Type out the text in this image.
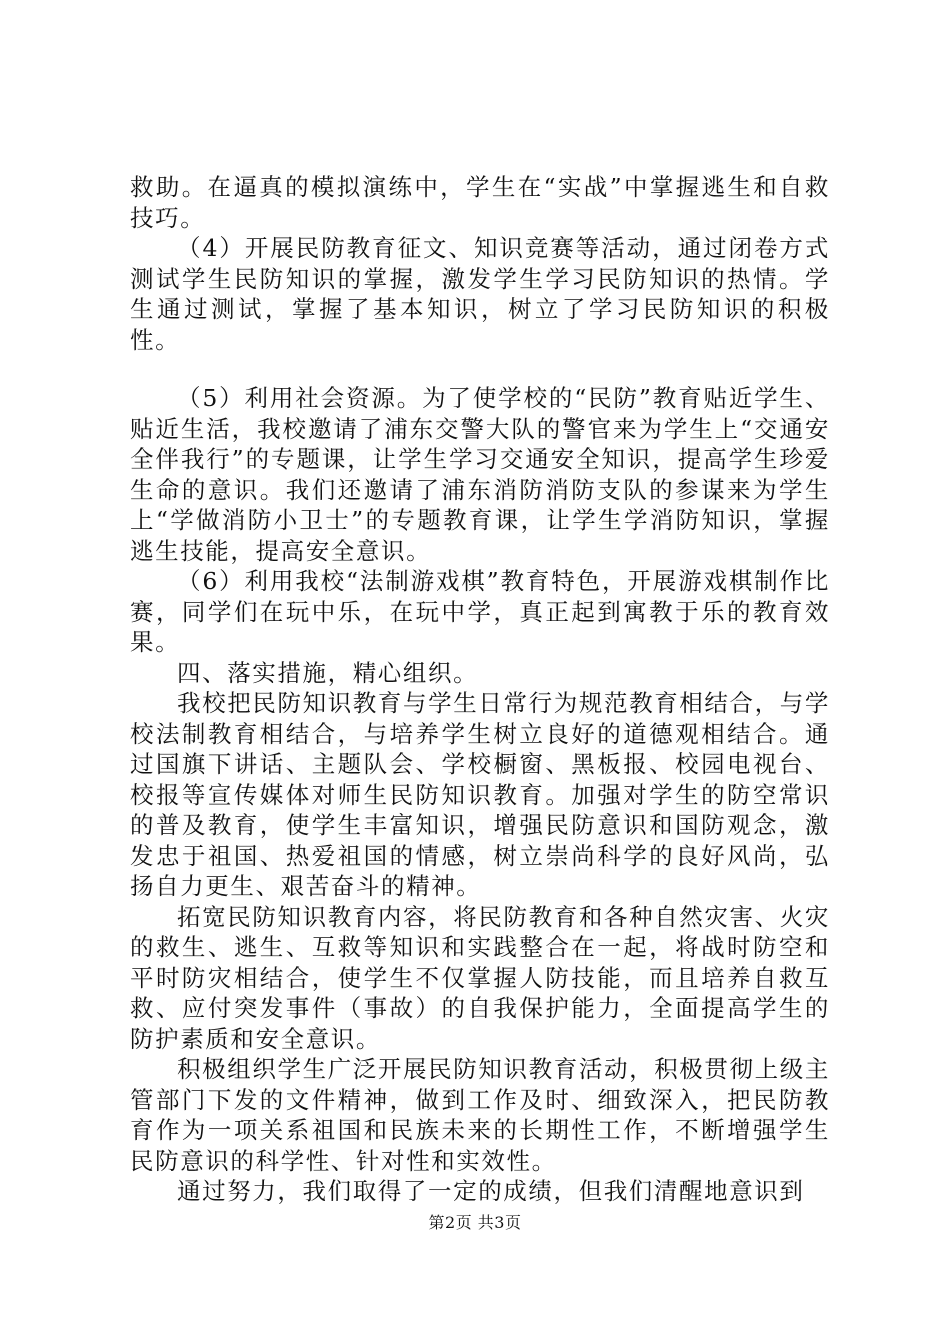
救助。在逼真的模拟演练中，学生在“实战”中掌握逃生和自救技巧。

（4）开展民防教育征文、知识竞赛等活动，通过闭卷方式测试学生民防知识的掌握，激发学生学习民防知识的热情。学生通过测试，掌握了基本知识，树立了学习民防知识的积极性。

（5）利用社会资源。为了使学校的“民防”教育贴近学生、贴近生活，我校邀请了浦东交警大队的警官来为学生上“交通安全伴我行”的专题课，让学生学习交通安全知识，提高学生珍爱生命的意识。我们还邀请了浦东消防消防支队的参谋来为学生上“学做消防小卫士”的专题教育课，让学生学消防知识，掌握逃生技能，提高安全意识。

（6）利用我校“法制游戏棋”教育特色，开展游戏棋制作比赛，同学们在玩中乐，在玩中学，真正起到寓教于乐的教育效果。

四、落实措施，精心组织。

我校把民防知识教育与学生日常行为规范教育相结合，与学校法制教育相结合，与培养学生树立良好的道德观相结合。通过国旗下讲话、主题队会、学校橱窗、黑板报、校园电视台、校报等宣传媒体对师生民防知识教育。加强对学生的防空常识的普及教育，使学生丰富知识，增强民防意识和国防观念，激发忠于祖国、热爱祖国的情感，树立崇尚科学的良好风尚，弘扬自力更生、艰苦奋斗的精神。

拓宽民防知识教育内容，将民防教育和各种自然灾害、火灾的救生、逃生、互救等知识和实践整合在一起，将战时防空和平时防灾相结合，使学生不仅掌握人防技能，而且培养自救互救、应付突发事件（事故）的自我保护能力，全面提高学生的防护素质和安全意识。

积极组织学生广泛开展民防知识教育活动，积极贯彻上级主管部门下发的文件精神，做到工作及时、细致深入，把民防教育作为一项关系祖国和民族未来的长期性工作，不断增强学生民防意识的科学性、针对性和实效性。

通过努力，我们取得了一定的成绩，但我们清醒地意识到

第2页 共3页
